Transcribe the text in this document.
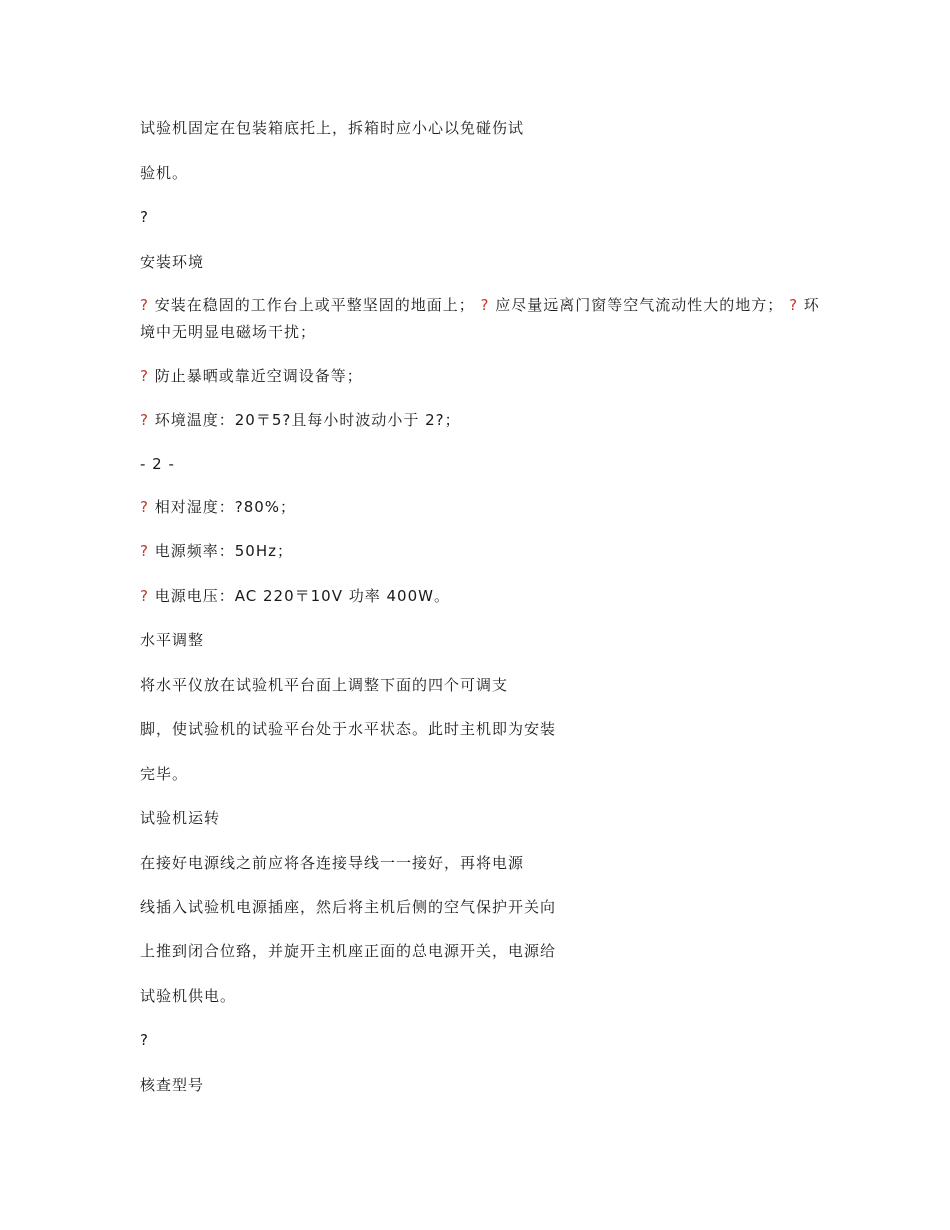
试验机固定在包装箱底托上，拆箱时应小心以免碰伤试
验机。
?
安装环境
? 安装在稳固的工作台上或平整坚固的地面上； ? 应尽量远离门窗等空气流动性大的地方； ? 环境中无明显电磁场干扰；
? 防止暴晒或靠近空调设备等；
? 环境温度：20〒5?且每小时波动小于 2?；
- 2 -
? 相对湿度：?80%；
? 电源频率：50Hz；
? 电源电压：AC 220〒10V 功率 400W。
水平调整
将水平仪放在试验机平台面上调整下面的四个可调支
脚，使试验机的试验平台处于水平状态。此时主机即为安装
完毕。
试验机运转
在接好电源线之前应将各连接导线一一接好，再将电源
线插入试验机电源插座，然后将主机后侧的空气保护开关向
上推到闭合位臵，并旋开主机座正面的总电源开关，电源给
试验机供电。
?
核查型号
